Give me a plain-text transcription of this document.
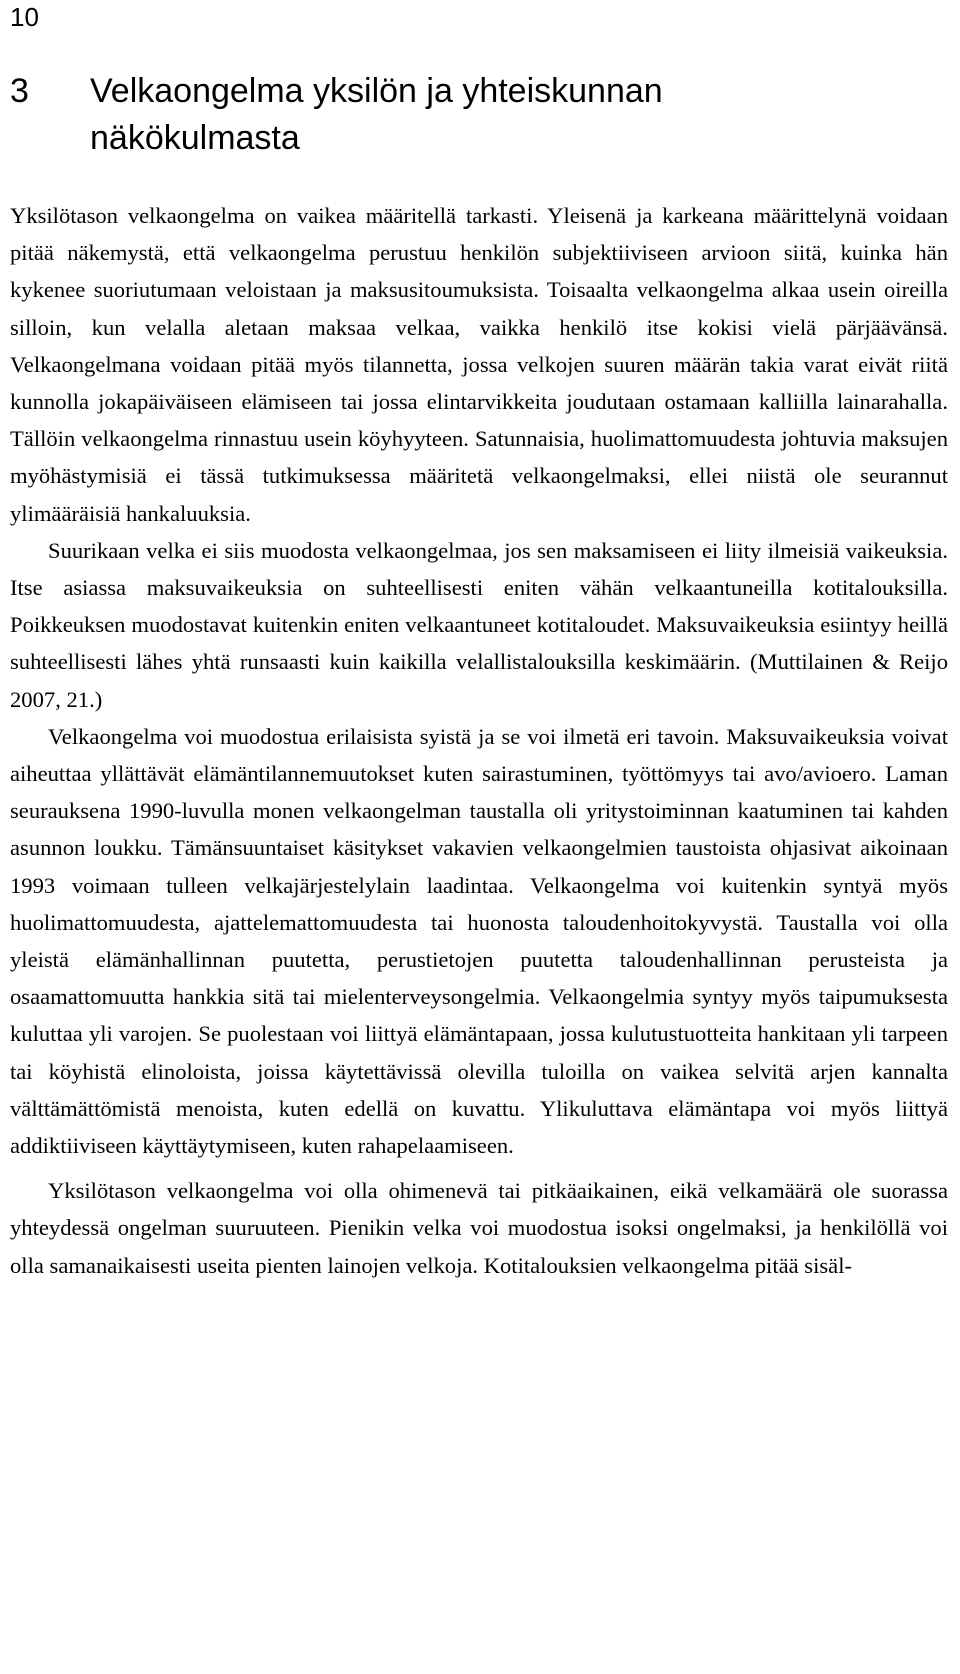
10
3 Velkaongelma yksilön ja yhteiskunnan
näkökulmasta

Yksilötason velkaongelma on vaikea määritellä tarkasti. Yleisenä ja karkeana määrittelynä voidaan pitää näkemystä, että velkaongelma perustuu henkilön subjektiiviseen arvioon siitä, kuinka hän kykenee suoriutumaan veloistaan ja maksusitoumuksista. Toisaalta velkaongelma alkaa usein oireilla silloin, kun velalla aletaan maksaa velkaa, vaikka henkilö itse kokisi vielä pärjäävänsä. Velkaongelmana voidaan pitää myös tilannetta, jossa velkojen suuren määrän takia varat eivät riitä kunnolla jokapäiväiseen elämiseen tai jossa elintarvikkeita joudutaan ostamaan kalliilla lainarahalla. Tällöin velkaongelma rinnastuu usein köyhyyteen. Satunnaisia, huolimattomuudesta johtuvia maksujen myöhästymisiä ei tässä tutkimuksessa määritetä velkaongelmaksi, ellei niistä ole seurannut ylimääräisiä hankaluuksia.

Suurikaan velka ei siis muodosta velkaongelmaa, jos sen maksamiseen ei liity ilmeisiä vaikeuksia. Itse asiassa maksuvaikeuksia on suhteellisesti eniten vähän velkaantuneilla kotitalouksilla. Poikkeuksen muodostavat kuitenkin eniten velkaantuneet kotitaloudet. Maksuvaikeuksia esiintyy heillä suhteellisesti lähes yhtä runsaasti kuin kaikilla velallistalouksilla keskimäärin. (Muttilainen & Reijo 2007, 21.)

Velkaongelma voi muodostua erilaisista syistä ja se voi ilmetä eri tavoin. Maksuvaikeuksia voivat aiheuttaa yllättävät elämäntilannemuutokset kuten sairastuminen, työttömyys tai avo/avioero. Laman seurauksena 1990-luvulla monen velkaongelman taustalla oli yritystoiminnan kaatuminen tai kahden asunnon loukku. Tämänsuuntaiset käsitykset vakavien velkaongelmien taustoista ohjasivat aikoinaan 1993 voimaan tulleen velkajärjestelylain laadintaa. Velkaongelma voi kuitenkin syntyä myös huolimattomuudesta, ajattelemattomuudesta tai huonosta taloudenhoitokyvystä. Taustalla voi olla yleistä elämänhallinnan puutetta, perustietojen puutetta taloudenhallinnan perusteista ja osaamattomuutta hankkia sitä tai mielenterveysongelmia. Velkaongelmia syntyy myös taipumuksesta kuluttaa yli varojen. Se puolestaan voi liittyä elämäntapaan, jossa kulutustuotteita hankitaan yli tarpeen tai köyhistä elinoloista, joissa käytettävissä olevilla tuloilla on vaikea selvitä arjen kannalta välttämättömistä menoista, kuten edellä on kuvattu. Ylikuluttava elämäntapa voi myös liittyä addiktiiviseen käyttäytymiseen, kuten rahapelaamiseen.

Yksilötason velkaongelma voi olla ohimenevä tai pitkäaikainen, eikä velkamäärä ole suorassa yhteydessä ongelman suuruuteen. Pienikin velka voi muodostua isoksi ongelmaksi, ja henkilöllä voi olla samanaikaisesti useita pienten lainojen velkoja. Kotitalouksien velkaongelma pitää sisäl-
